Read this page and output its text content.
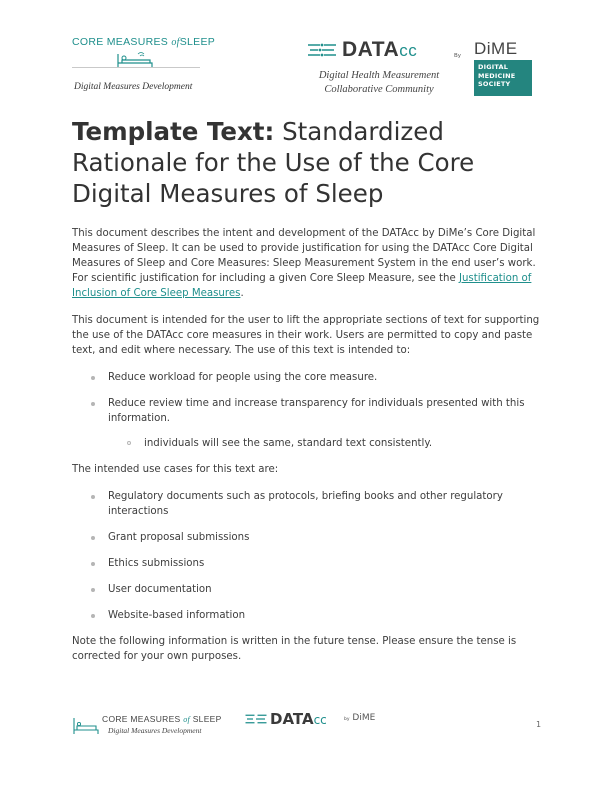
CORE MEASURES ofSLEEP
Digital Measures Development
DATAcc
Digital Health Measurement
Collaborative Community
By DiME
DIGITAL
MEDICINE
SOCIETY
Template Text: Standardized
Rationale for the Use of the Core
Digital Measures of Sleep

This document describes the intent and development of the DATAcc by DiMe’s Core Digital Measures of Sleep. It can be used to provide justification for using the DATAcc Core Digital Measures of Sleep and Core Measures: Sleep Measurement System in the end user’s work. For scientific justification for including a given Core Sleep Measure, see the Justification of Inclusion of Core Sleep Measures.

This document is intended for the user to lift the appropriate sections of text for supporting the use of the DATAcc core measures in their work. Users are permitted to copy and paste text, and edit where necessary. The use of this text is intended to:

Reduce workload for people using the core measure.
Reduce review time and increase transparency for individuals presented with this information.
individuals will see the same, standard text consistently.

The intended use cases for this text are:

Regulatory documents such as protocols, briefing books and other regulatory interactions
Grant proposal submissions
Ethics submissions
User documentation
Website-based information

Note the following information is written in the future tense. Please ensure the tense is corrected for your own purposes.

CORE MEASURES of SLEEP
Digital Measures Development
DATAcc	by DiME
1
